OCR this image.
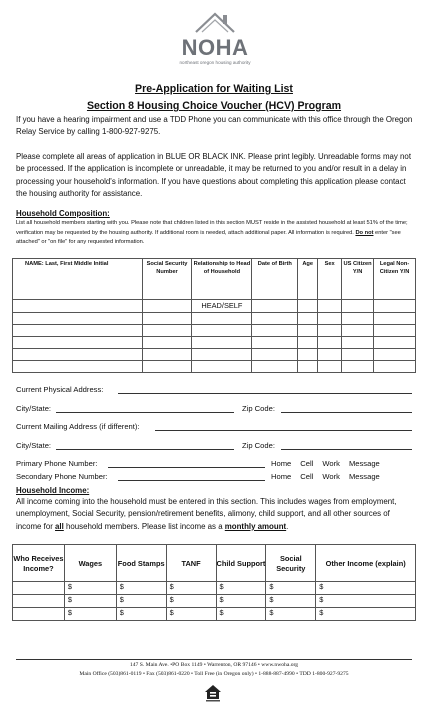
NOHA
northeast oregon housing authority
Pre-Application for Waiting List
Section 8 Housing Choice Voucher (HCV) Program
If you have a hearing impairment and use a TDD Phone you can communicate with this office through the Oregon Relay Service by calling 1-800-927-9275.
Please complete all areas of application in BLUE OR BLACK INK. Please print legibly. Unreadable forms may not be processed. If the application is incomplete or unreadable, it may be returned to you and/or result in a delay in processing your household's information. If you have questions about completing this application please contact the housing authority for assistance.
Household Composition:
List all household members starting with you. Please note that children listed in this section MUST reside in the assisted household at least 51% of the time; verification may be requested by the housing authority. If additional room is needed, attach additional paper. All information is required. Do not enter "see attached" or "on file" for any requested information.
NAME: Last, First Middle Initial	Social Security Number	Relationship to Head of Household	Date of Birth	Age	Sex	US Citizen Y/N	Legal Non-Citizen Y/N
		HEAD/SELF					

Current Physical Address:
City/State:	Zip Code:
Current Mailing Address (if different):
City/State:	Zip Code:
Primary Phone Number:	Home Cell Work Message
Secondary Phone Number:	Home Cell Work Message
Household Income:
All income coming into the household must be entered in this section. This includes wages from employment, unemployment, Social Security, pension/retirement benefits, alimony, child support, and all other sources of income for all household members. Please list income as a monthly amount.
Who Receives Income?	Wages	Food Stamps	TANF	Child Support	Social Security	Other Income (explain)
	$	$	$	$	$	$
	$	$	$	$	$	$
	$	$	$	$	$	$
147 S. Main Ave. •PO Box 1149 • Warrenton, OR 97146 • www.nwoha.org
Main Office (503)861-0119 • Fax (503)861-0220 • Toll Free (in Oregon only) • 1-888-887-4990 • TDD 1-800-927-9275
